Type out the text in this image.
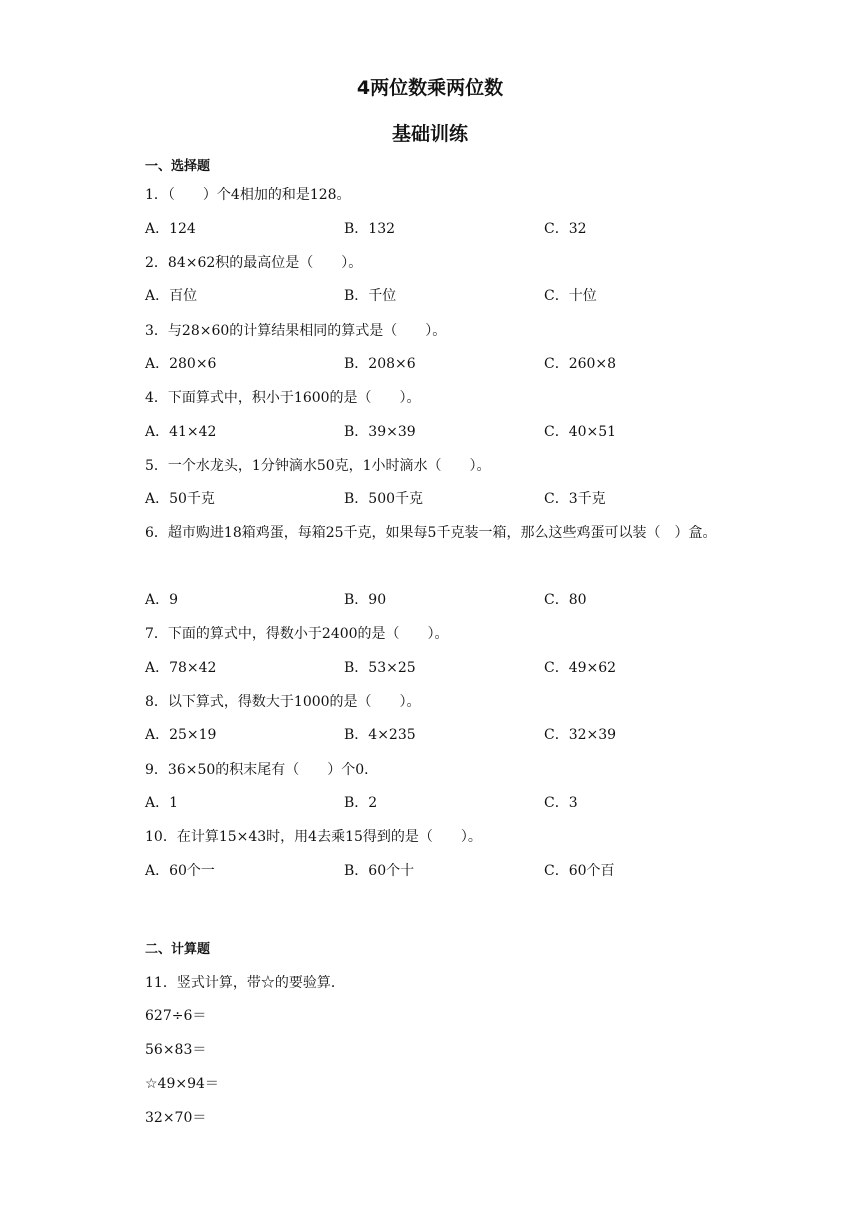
4两位数乘两位数
基础训练
一、选择题
1．（　　）个4相加的和是128。
A．124	B．132	C．32
2．84×62积的最高位是（　　）。
A．百位	B．千位	C．十位
3．与28×60的计算结果相同的算式是（　　）。
A．280×6	B．208×6	C．260×8
4．下面算式中，积小于1600的是（　　）。
A．41×42	B．39×39	C．40×51
5．一个水龙头，1分钟滴水50克，1小时滴水（　　）。
A．50千克	B．500千克	C．3千克
6．超市购进18箱鸡蛋，每箱25千克，如果每5千克装一箱，那么这些鸡蛋可以装（　）盒。
A．9	B．90	C．80
7．下面的算式中，得数小于2400的是（　　）。
A．78×42	B．53×25	C．49×62
8．以下算式，得数大于1000的是（　　）。
A．25×19	B．4×235	C．32×39
9．36×50的积末尾有（　　）个0．
A．1	B．2	C．3
10．在计算15×43时，用4去乘15得到的是（　　）。
A．60个一	B．60个十	C．60个百
二、计算题
11．竖式计算，带☆的要验算．
627÷6＝
56×83＝
☆49×94＝
32×70＝
